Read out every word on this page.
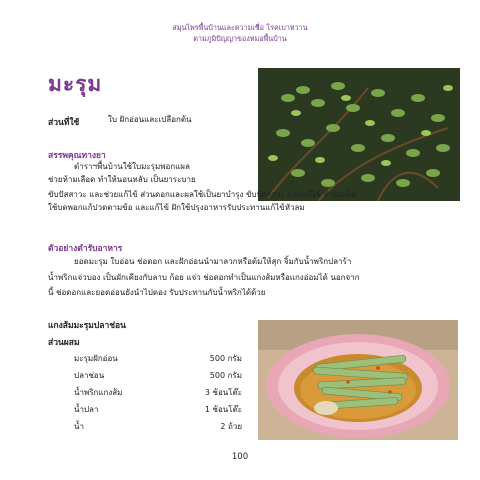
สมุนไพรพื้นบ้านและความเชื่อ โรคเบาหวาน
ตามภูมิปัญญาของหมอพื้นบ้าน
มะรุม
ส่วนที่ใช้	ใบ ฝักอ่อนและเปลือกต้น
สรรพคุณทางยา
ตำราฯพื้นบ้านใช้ใบมะรุมพอกแผล
ช่วยห้ามเลือด ทำให้นอนหลับ เป็นยาระบาย
ขับปัสสาวะ และช่วยแก้ไข้ ส่วนดอกและผลใช้เป็นยาบำรุง ขับปัสสาวะ และแก้ไข้ ส่วนเมล็ด
ใช้บดพอกแก้ปวดตามข้อ และแก้ไข้ ฝักใช้ปรุงอาหารรับประทานแก้ไข้หัวลม
ตัวอย่างตำรับอาหาร
ยอดมะรุม ใบอ่อน ช่อดอก และฝักอ่อนนำมาลวกหรือต้มให้สุก จิ้มกับน้ำพริกปลาร้า
น้ำพริกแจ่วบอง เป็นผักเคียงกับลาบ ก้อย แจ่ว ช่อดอกทำเป็นแกงส้มหรือแกงอ่อมได้ นอกจาก
นี้ ช่อดอกและยอดอ่อนยังนำไปดอง รับประทานกับน้ำพริกได้ด้วย
แกงส้มมะรุมปลาช่อน
ส่วนผสม
มะรุมฝักอ่อน	500 กรัม
ปลาช่อน	500 กรัม
น้ำพริกแกงส้ม	3 ช้อนโต๊ะ
น้ำปลา	1 ช้อนโต๊ะ
น้ำ	2 ถ้วย
100
